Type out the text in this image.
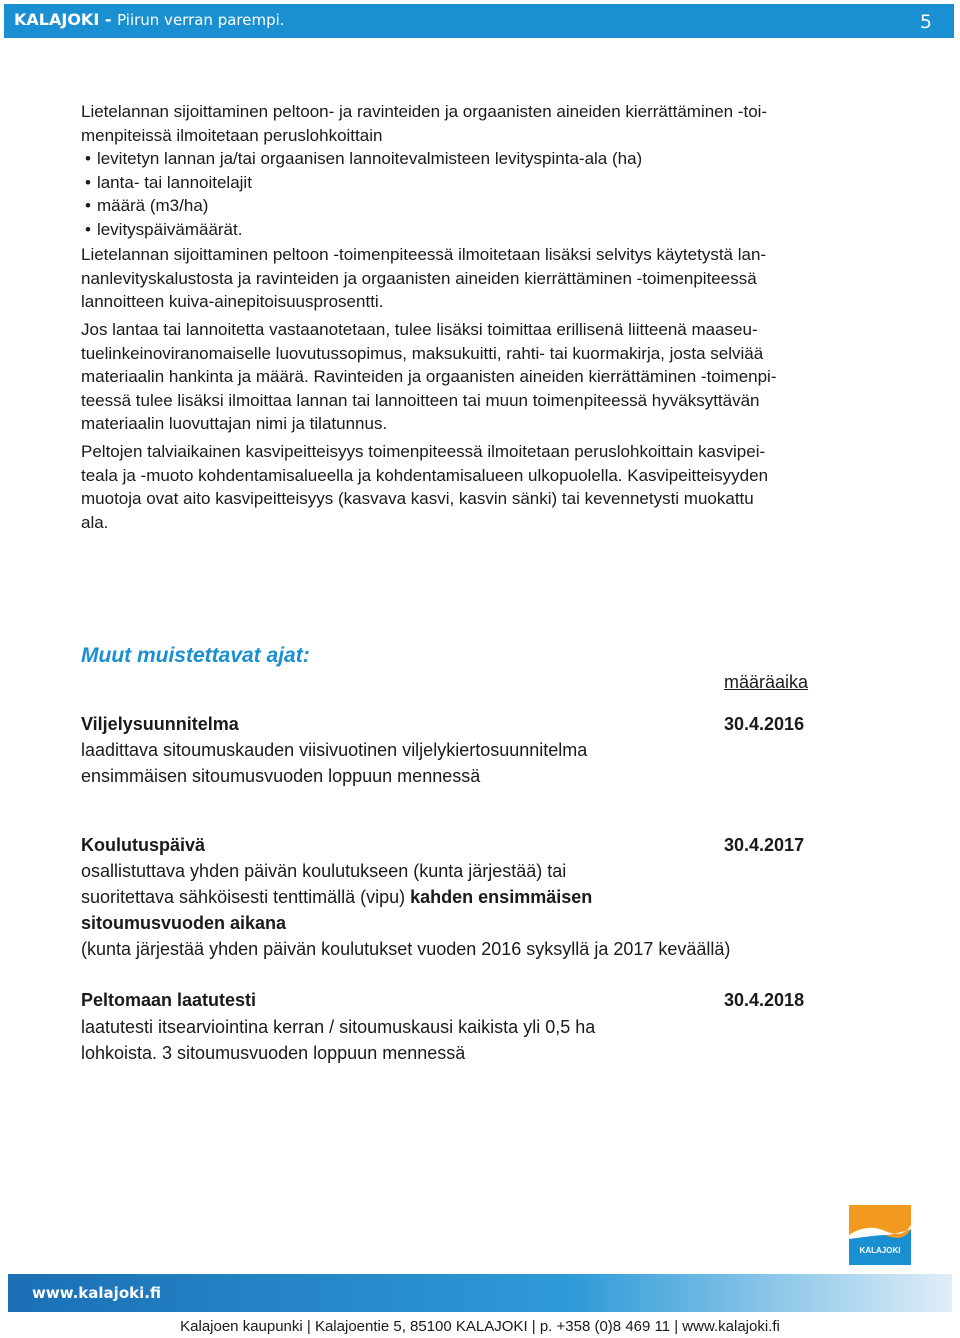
KALAJOKI - Piirun verran parempi.	5

Lietelannan sijoittaminen peltoon- ja ravinteiden ja orgaanisten aineiden kierrättäminen -toi-
menpiteissä ilmoitetaan peruslohkoittain

• levitetyn lannan ja/tai orgaanisen lannoitevalmisteen levityspinta-ala (ha)
• lanta- tai lannoitelajit
• määrä (m3/ha)
• levityspäivämäärät.

Lietelannan sijoittaminen peltoon -toimenpiteessä ilmoitetaan lisäksi selvitys käytetystä lan-
nanlevityskalustosta ja ravinteiden ja orgaanisten aineiden kierrättäminen -toimenpiteessä
lannoitteen kuiva-ainepitoisuusprosentti.

Jos lantaa tai lannoitetta vastaanotetaan, tulee lisäksi toimittaa erillisenä liitteenä maaseu-
tuelinkeinoviranomaiselle luovutussopimus, maksukuitti, rahti- tai kuormakirja, josta selviää
materiaalin hankinta ja määrä. Ravinteiden ja orgaanisten aineiden kierrättäminen -toimenpi-
teessä tulee lisäksi ilmoittaa lannan tai lannoitteen tai muun toimenpiteessä hyväksyttävän
materiaalin luovuttajan nimi ja tilatunnus.

Peltojen talviaikainen kasvipeitteisyys toimenpiteessä ilmoitetaan peruslohkoittain kasvipei-
teala ja -muoto kohdentamisalueella ja kohdentamisalueen ulkopuolella. Kasvipeitteisyyden
muotoja ovat aito kasvipeitteisyys (kasvava kasvi, kasvin sänki) tai kevennetysti muokattu
ala.

Muut muistettavat ajat:
määräaika
Viljelysuunnitelma	30.4.2016

laadittava sitoumuskauden viisivuotinen viljelykiertosuunnitelma
ensimmäisen sitoumusvuoden loppuun mennessä

Koulutuspäivä	30.4.2017

osallistuttava yhden päivän koulutukseen (kunta järjestää) tai
suoritettava sähköisesti tenttimällä (vipu) kahden ensimmäisen
sitoumusvuoden aikana

(kunta järjestää yhden päivän koulutukset vuoden 2016 syksyllä ja 2017 keväällä)

Peltomaan laatutesti	30.4.2018

laatutesti itsearviointina kerran / sitoumuskausi kaikista yli 0,5 ha
lohkoista. 3 sitoumusvuoden loppuun mennessä

KALAJOKI
www.kalajoki.fi
Kalajoen kaupunki | Kalajoentie 5, 85100 KALAJOKI | p. +358 (0)8 469 11 | www.kalajoki.fi
